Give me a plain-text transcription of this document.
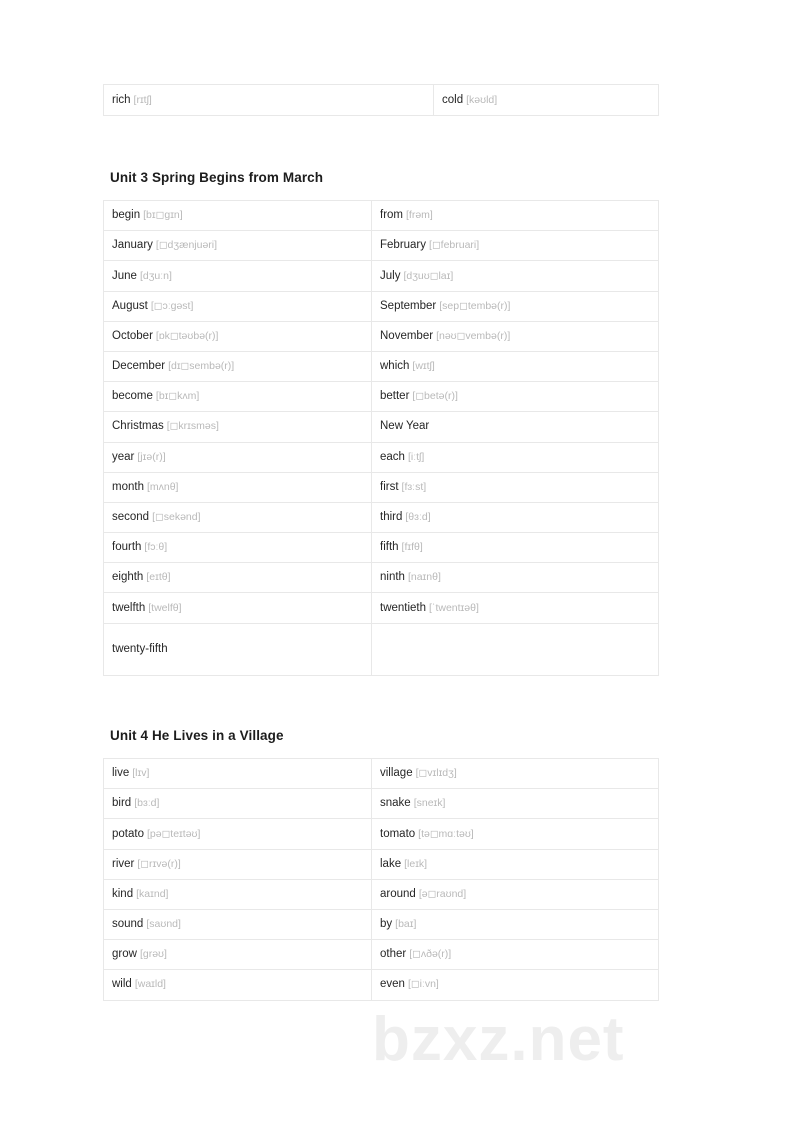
rich [rɪtʃ]	cold [kəʊld]
Unit 3 Spring Begins from March
begin [bɪ◻gɪn]	from [frəm]
January [◻dʒænjuəri]	February [◻februari]
June [dʒuːn]	July [dʒuʊ◻laɪ]
August [◻ɔːgəst]	September [sep◻tembə(r)]
October [ɒk◻təʊbə(r)]	November [nəʊ◻vembə(r)]
December [dɪ◻sembə(r)]	which [wɪtʃ]
become [bɪ◻kʌm]	better [◻betə(r)]
Christmas [◻krɪsməs]	New Year
year [jɪə(r)]	each [iːtʃ]
month [mʌnθ]	first [fɜːst]
second [◻sekənd]	third [θɜːd]
fourth [fɔːθ]	fifth [fɪfθ]
eighth [eɪtθ]	ninth [naɪnθ]
twelfth [twelfθ]	twentieth [ˈtwentɪəθ]
twenty-fifth	
Unit 4 He Lives in a Village
live [lɪv]	village [◻vɪlɪdʒ]
bird [bɜːd]	snake [sneɪk]
potato [pə◻teɪtəʊ]	tomato [tə◻mɑːtəʊ]
river [◻rɪvə(r)]	lake [leɪk]
kind [kaɪnd]	around [ə◻raʊnd]
sound [saʊnd]	by [baɪ]
grow [grəʊ]	other [◻ʌðə(r)]
wild [waɪld]	even [◻iːvn]
bzxz.net
